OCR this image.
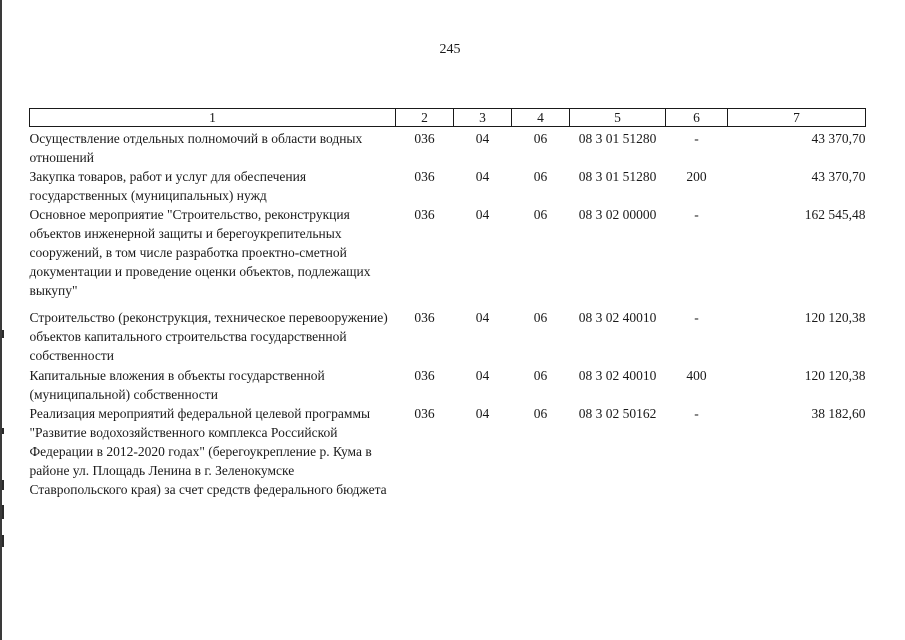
245
1	2	3	4	5	6	7
Осуществление отдельных полномочий в области водных отношений	036	04	06	08 3 01 51280	-	43 370,70
Закупка товаров, работ и услуг для обеспечения государственных (муниципальных) нужд	036	04	06	08 3 01 51280	200	43 370,70
Основное мероприятие "Строительство, реконструкция объектов инженерной защиты и берегоукрепительных сооружений, в том числе разработка проектно-сметной документации и проведение оценки объектов, подлежащих выкупу"	036	04	06	08 3 02 00000	-	162 545,48
Строительство (реконструкция, техническое перевооружение) объектов капитального строительства государственной собственности	036	04	06	08 3 02 40010	-	120 120,38
Капитальные вложения в объекты государственной (муниципальной) собственности	036	04	06	08 3 02 40010	400	120 120,38
Реализация мероприятий федеральной целевой программы "Развитие водохозяйственного комплекса Российской Федерации в 2012-2020 годах" (берегоукрепление р. Кума в районе ул. Площадь Ленина в г. Зеленокумске Ставропольского края) за счет средств федерального бюджета	036	04	06	08 3 02 50162	-	38 182,60
